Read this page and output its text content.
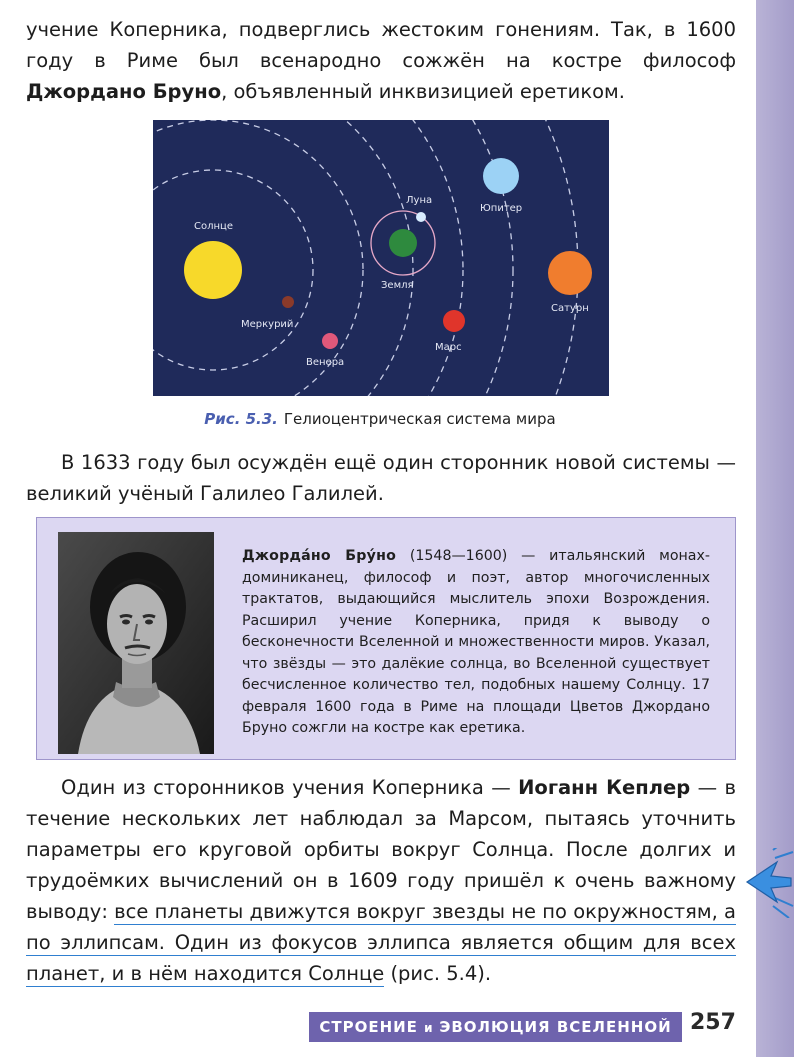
учение Коперника, подверглись жестоким гонениям. Так, в 1600 году в Риме был всенародно сожжён на костре философ Джордано Бруно, объявленный инквизицией еретиком.

Солнце
Меркурий
Венера
Луна
Земля
Марс
Юпитер
Сатурн
Рис. 5.3. Гелиоцентрическая система мира

В 1633 году был осуждён ещё один сторонник новой системы — великий учёный Галилео Галилей.

Джорда́но Бру́но (1548—1600) — итальянский монах-доминиканец, философ и поэт, автор многочисленных трактатов, выдающийся мыслитель эпохи Возрождения. Расширил учение Коперника, придя к выводу о бесконечности Вселенной и множественности миров. Указал, что звёзды — это далёкие солнца, во Вселенной существует бесчисленное количество тел, подобных нашему Солнцу. 17 февраля 1600 года в Риме на площади Цветов Джордано Бруно сожгли на костре как еретика.

Один из сторонников учения Коперника — Иоганн Кеплер — в течение нескольких лет наблюдал за Марсом, пытаясь уточнить параметры его круговой орбиты вокруг Солнца. После долгих и трудоёмких вычислений он в 1609 году пришёл к очень важному выводу: все планеты движутся вокруг звезды не по окружностям, а по эллипсам. Один из фокусов эллипса является общим для всех планет, и в нём находится Солнце (рис. 5.4).

СТРОЕНИЕ и ЭВОЛЮЦИЯ ВСЕЛЕННОЙ 257
